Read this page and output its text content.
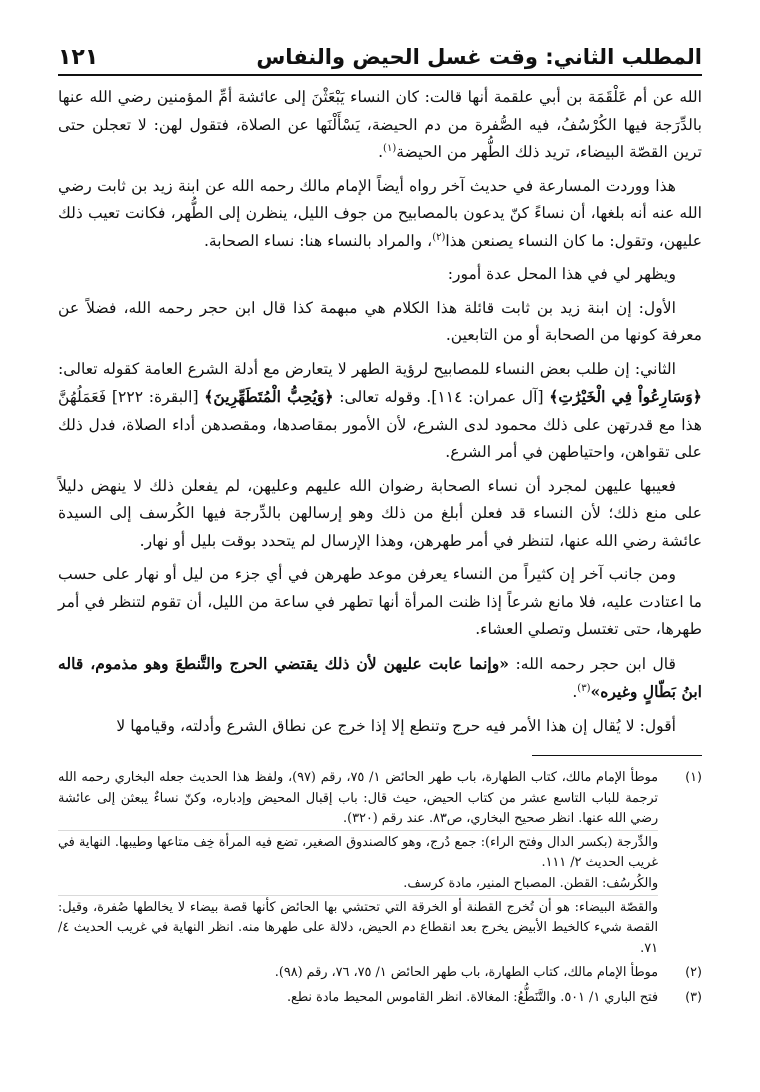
المطلب الثاني: وقت غسل الحيض والنفاس
١٢١

الله عن أم عَلْقَمَة بن أبي علقمة أنها قالت: كان النساء يَبْعَثْنَ إلى عائشة أمِّ المؤمنين رضي الله عنها بالدِّرَجة فيها الكُرْسُفُ، فيه الصُّفرة من دم الحيضة، يَسْأَلْنَها عن الصلاة، فتقول لهن: لا تعجلن حتى ترين القصّة البيضاء، تريد ذلك الطُّهر من الحيضة$^{(١)}$.

هذا ووردت المسارعة في حديث آخر رواه أيضاً الإمام مالك رحمه الله عن ابنة زيد بن ثابت رضي الله عنه أنه بلغها، أن نساءً كنّ يدعون بالمصابيح من جوف الليل، ينظرن إلى الطُّهر، فكانت تعيب ذلك عليهن، وتقول: ما كان النساء يصنعن هذا$^{(٢)}$، والمراد بالنساء هنا: نساء الصحابة.

ويظهر لي في هذا المحل عدة أمور:

الأول: إن ابنة زيد بن ثابت قائلة هذا الكلام هي مبهمة كذا قال ابن حجر رحمه الله، فضلاً عن معرفة كونها من الصحابة أو من التابعين.

الثاني: إن طلب بعض النساء للمصابيح لرؤية الطهر لا يتعارض مع أدلة الشرع العامة كقوله تعالى: ﴿وَسَارِعُواْ فِي الْخَيْرَٰتِ﴾ [آل عمران: ١١٤]. وقوله تعالى: ﴿وَيُحِبُّ الْمُتَطَهِّرِينَ﴾ [البقرة: ٢٢٢] فَعَمَلُهُنَّ هذا مع قدرتهن على ذلك محمود لدى الشرع، لأن الأمور بمقاصدها، ومقصدهن أداء الصلاة، فدل ذلك على تقواهن، واحتياطهن في أمر الشرع.

فعيبها عليهن لمجرد أن نساء الصحابة رضوان الله عليهم وعليهن، لم يفعلن ذلك لا ينهض دليلاً على منع ذلك؛ لأن النساء قد فعلن أبلغ من ذلك وهو إرسالهن بالدِّرجة فيها الكُرسف إلى السيدة عائشة رضي الله عنها، لتنظر في أمر طهرهن، وهذا الإرسال لم يتحدد بوقت بليل أو نهار.

ومن جانب آخر إن كثيراً من النساء يعرفن موعد طهرهن في أي جزء من ليل أو نهار على حسب ما اعتادت عليه، فلا مانع شرعاً إذا ظنت المرأة أنها تطهر في ساعة من الليل، أن تقوم لتنظر في أمر طهرها، حتى تغتسل وتصلي العشاء.

قال ابن حجر رحمه الله: «وإنما عابت عليهن لأن ذلك يقتضي الحرج والتَّنطعَ وهو مذموم، قاله ابنُ بَطّالٍ وغيره»$^{(٣)}$.

أقول: لا يُقال إن هذا الأمر فيه حرج وتنطع إلا إذا خرج عن نطاق الشرع وأدلته، وقيامها لا

(١)
موطأ الإمام مالك، كتاب الطهارة، باب طهر الحائض ١/ ٧٥، رقم (٩٧)، ولفظ هذا الحديث جعله البخاري رحمه الله ترجمة للباب التاسع عشر من كتاب الحيض، حيث قال: باب إقبال المحيض وإدباره، وكنّ نساءٌ يبعثن إلى عائشة رضي الله عنها. انظر صحيح البخاري، ص٨٣. عند رقم (٣٢٠).
والدِّرجة (بكسر الدال وفتح الراء): جمع دُرج، وهو كالصندوق الصغير، تضع فيه المرأة خِف متاعها وطيبها. النهاية في غريب الحديث ٢/ ١١١.
والكُرسُف: القطن. المصباح المنير، مادة كرسف.
والقصّة البيضاء: هو أن تُخرج القطنة أو الخرقة التي تحتشي بها الحائض كأنها قصة بيضاء لا يخالطها صُفرة، وقيل: القصة شيء كالخيط الأبيض يخرج بعد انقطاع دم الحيض، دلالة على طهرها منه. انظر النهاية في غريب الحديث ٤/ ٧١.
(٢)
موطأ الإمام مالك، كتاب الطهارة، باب طهر الحائض ١/ ٧٥، ٧٦، رقم (٩٨).
(٣)
فتح الباري ١/ ٥٠١. والتَّنَطُّعُ: المغالاة. انظر القاموس المحيط مادة نطع.
